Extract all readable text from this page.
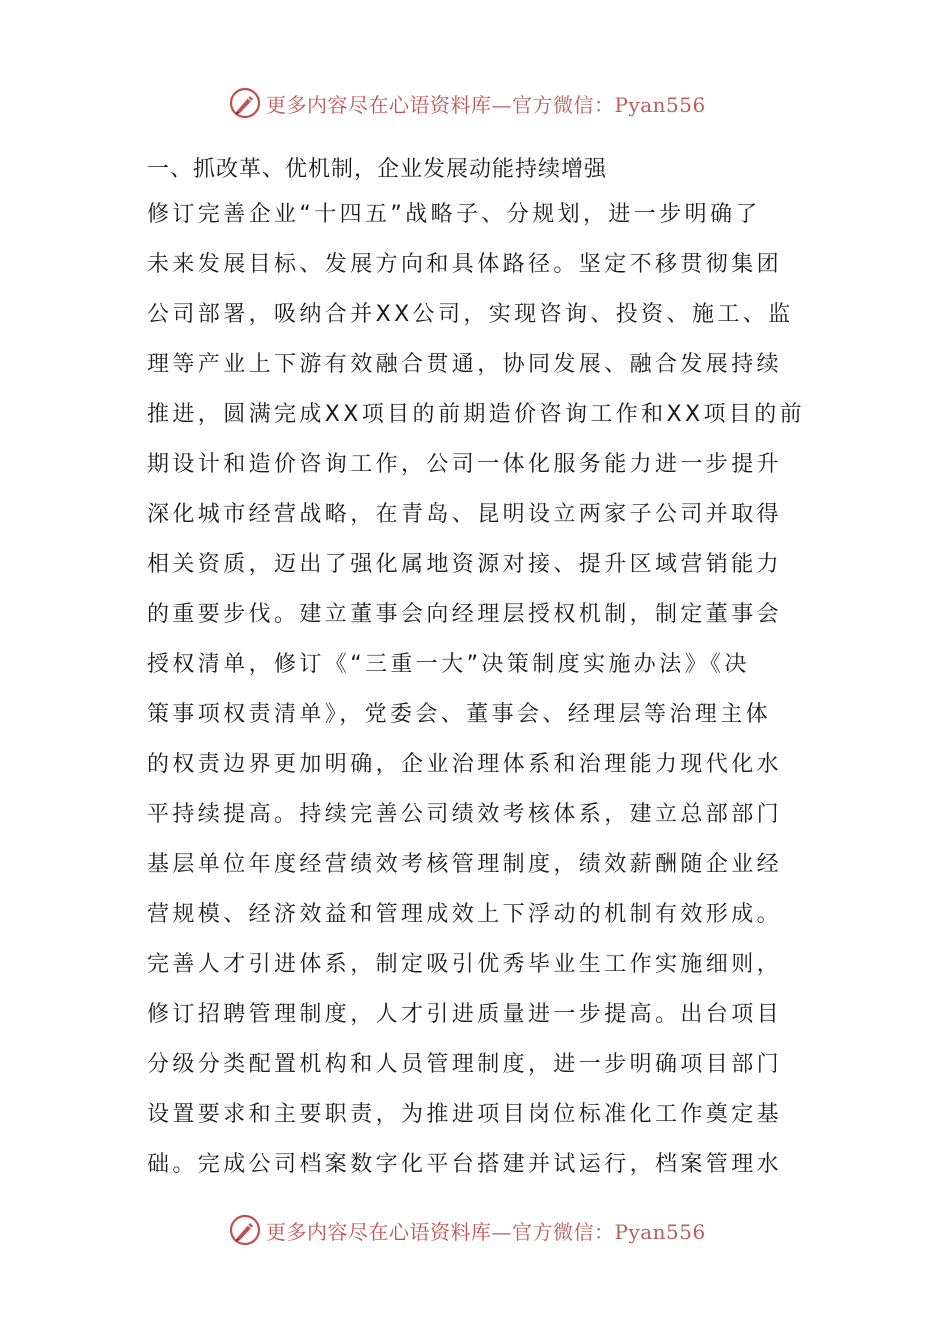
更多内容尽在心语资料库—官方微信：Pyan556
一、抓改革、优机制，企业发展动能持续增强
修订完善企业“十四五”战略子、分规划，进一步明确了
未来发展目标、发展方向和具体路径。坚定不移贯彻集团
公司部署，吸纳合并XX公司，实现咨询、投资、施工、监
理等产业上下游有效融合贯通，协同发展、融合发展持续
推进，圆满完成XX项目的前期造价咨询工作和XX项目的前
期设计和造价咨询工作，公司一体化服务能力进一步提升
深化城市经营战略，在青岛、昆明设立两家子公司并取得
相关资质，迈出了强化属地资源对接、提升区域营销能力
的重要步伐。建立董事会向经理层授权机制，制定董事会
授权清单，修订《“三重一大”决策制度实施办法》《决
策事项权责清单》，党委会、董事会、经理层等治理主体
的权责边界更加明确，企业治理体系和治理能力现代化水
平持续提高。持续完善公司绩效考核体系，建立总部部门
基层单位年度经营绩效考核管理制度，绩效薪酬随企业经
营规模、经济效益和管理成效上下浮动的机制有效形成。
完善人才引进体系，制定吸引优秀毕业生工作实施细则，
修订招聘管理制度，人才引进质量进一步提高。出台项目
分级分类配置机构和人员管理制度，进一步明确项目部门
设置要求和主要职责，为推进项目岗位标准化工作奠定基
础。完成公司档案数字化平台搭建并试运行，档案管理水
更多内容尽在心语资料库—官方微信：Pyan556
